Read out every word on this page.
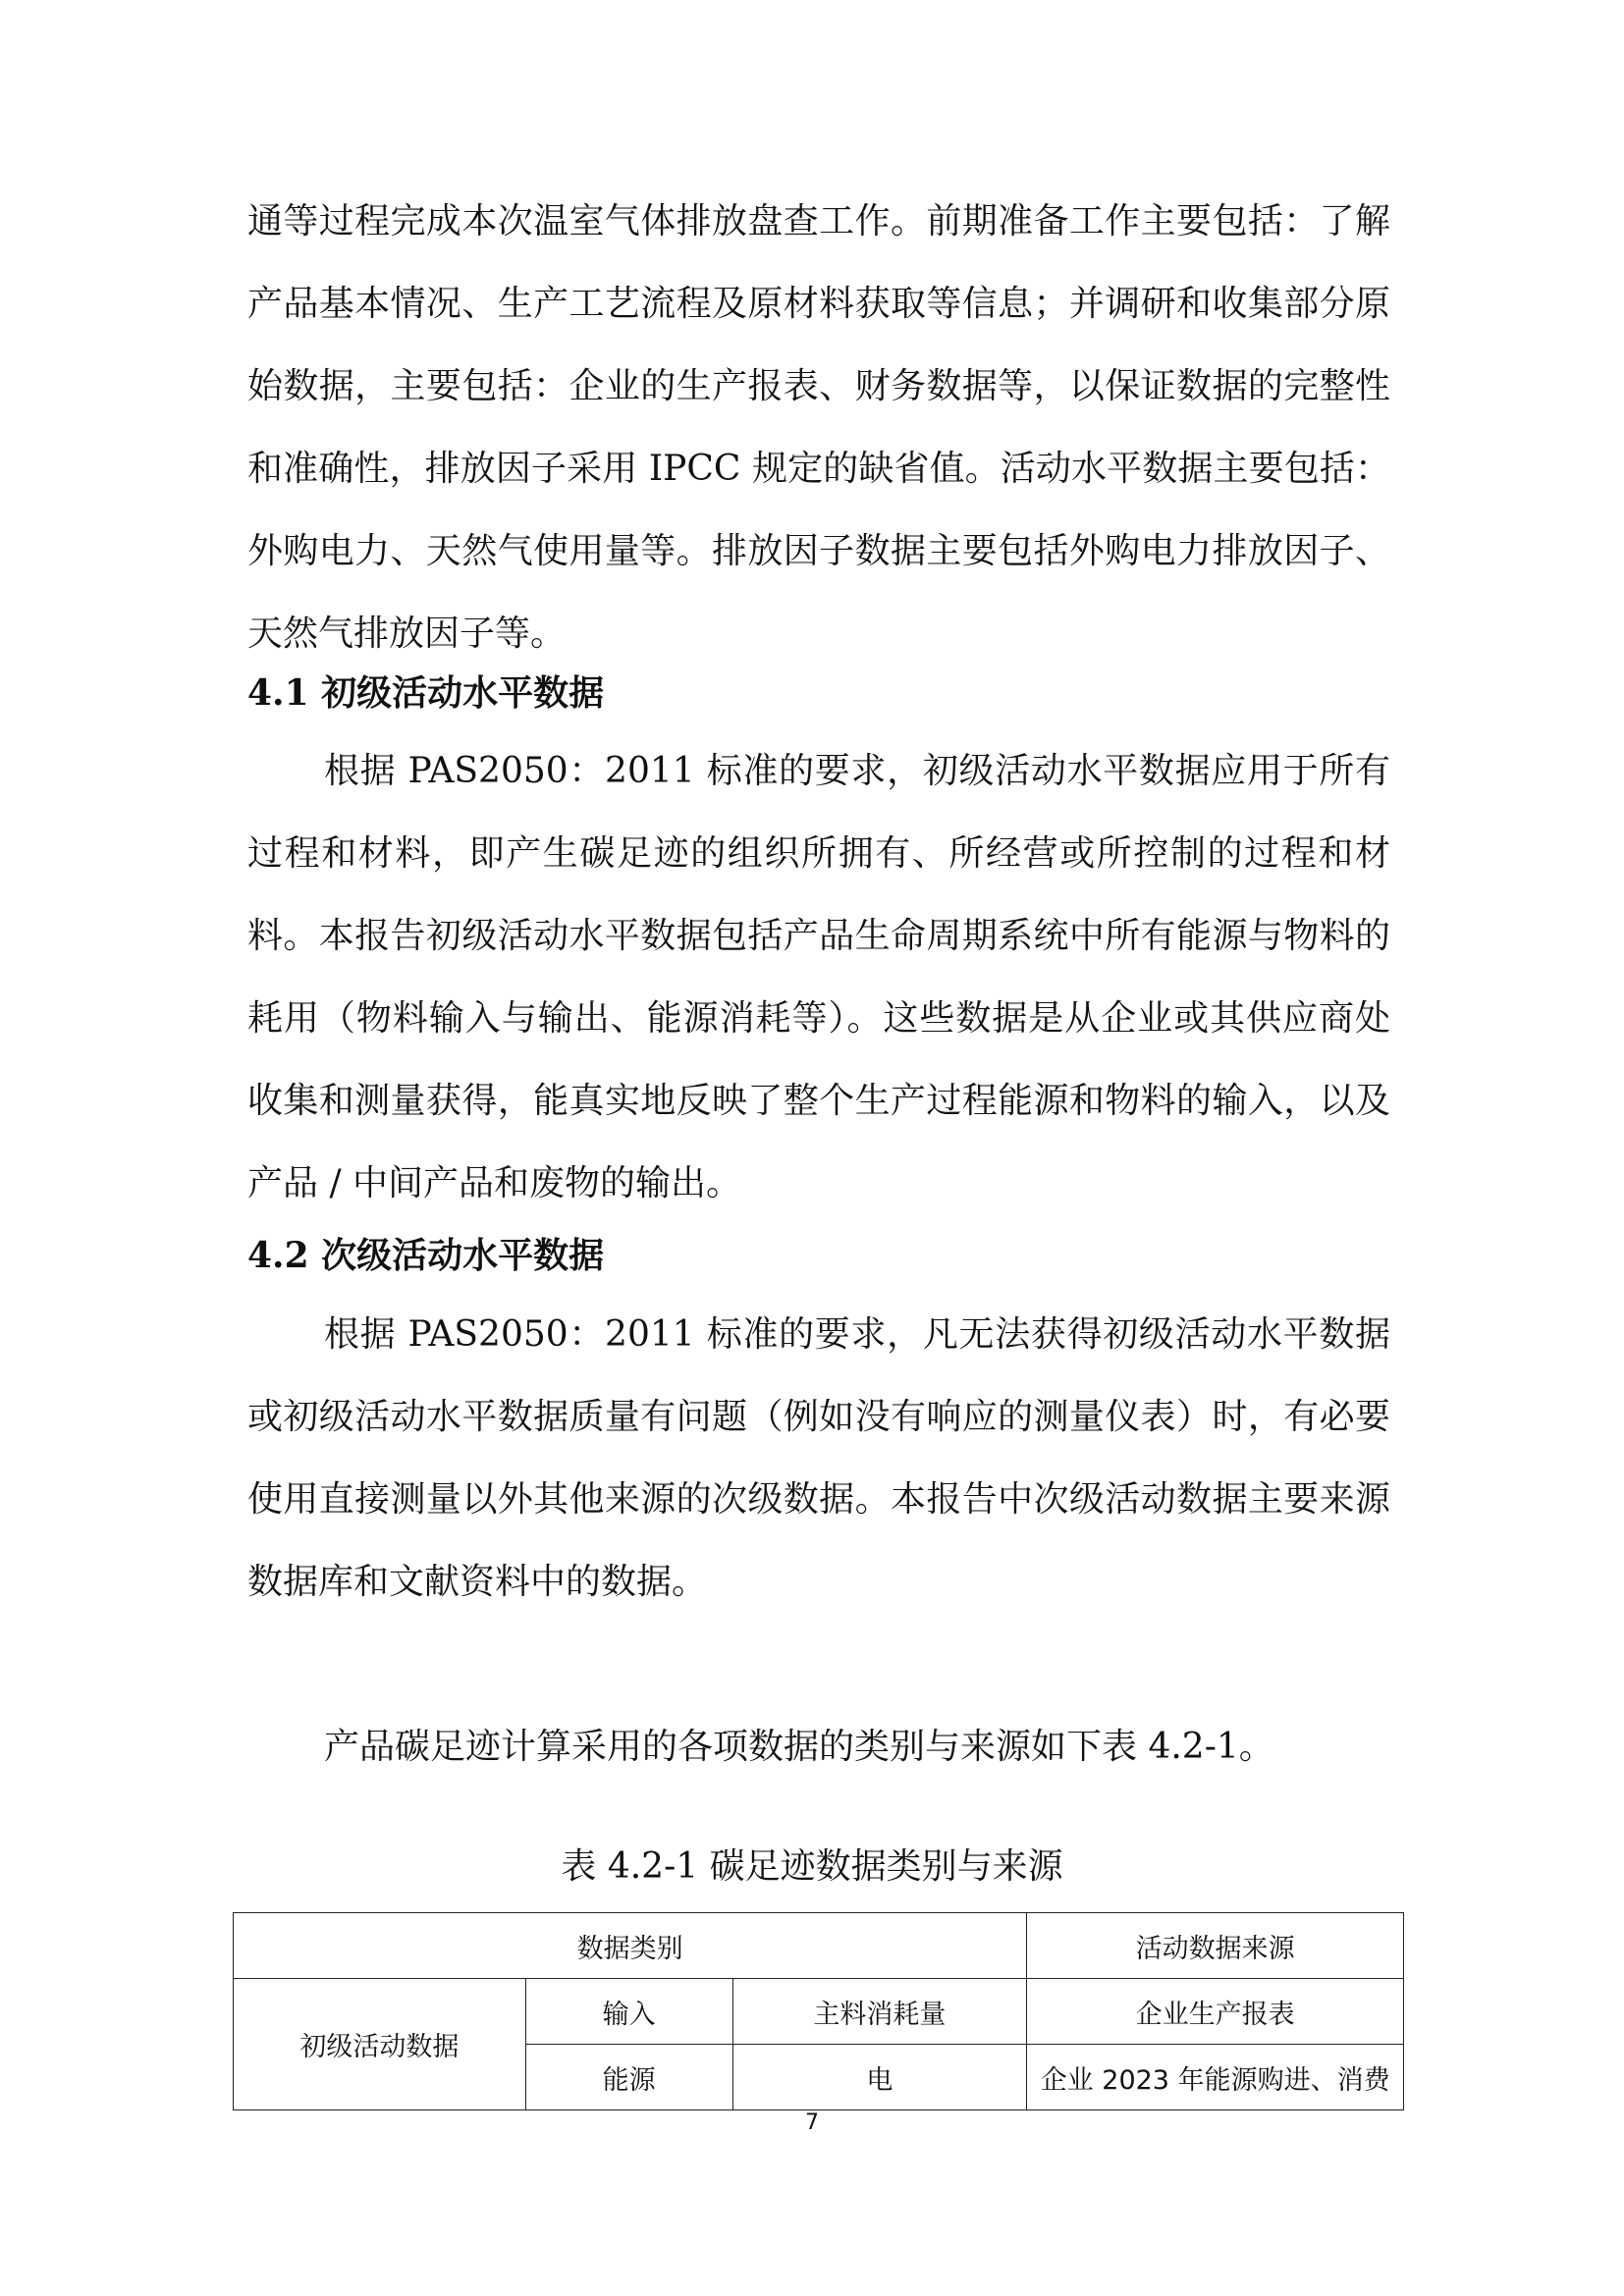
通等过程完成本次温室气体排放盘查工作。前期准备工作主要包括：了解产品基本情况、生产工艺流程及原材料获取等信息；并调研和收集部分原始数据，主要包括：企业的生产报表、财务数据等，以保证数据的完整性和准确性，排放因子采用 IPCC 规定的缺省值。活动水平数据主要包括：外购电力、天然气使用量等。排放因子数据主要包括外购电力排放因子、天然气排放因子等。

4.1 初级活动水平数据

根据 PAS2050：2011 标准的要求，初级活动水平数据应用于所有过程和材料，即产生碳足迹的组织所拥有、所经营或所控制的过程和材料。本报告初级活动水平数据包括产品生命周期系统中所有能源与物料的耗用（物料输入与输出、能源消耗等）。这些数据是从企业或其供应商处收集和测量获得，能真实地反映了整个生产过程能源和物料的输入，以及产品 / 中间产品和废物的输出。

4.2 次级活动水平数据

根据 PAS2050：2011 标准的要求，凡无法获得初级活动水平数据或初级活动水平数据质量有问题（例如没有响应的测量仪表）时，有必要使用直接测量以外其他来源的次级数据。本报告中次级活动数据主要来源数据库和文献资料中的数据。

产品碳足迹计算采用的各项数据的类别与来源如下表 4.2-1。

表 4.2-1 碳足迹数据类别与来源

数据类别			活动数据来源
初级活动数据	输入	主料消耗量	企业生产报表
	能源	电	企业 2023 年能源购进、消费

7
